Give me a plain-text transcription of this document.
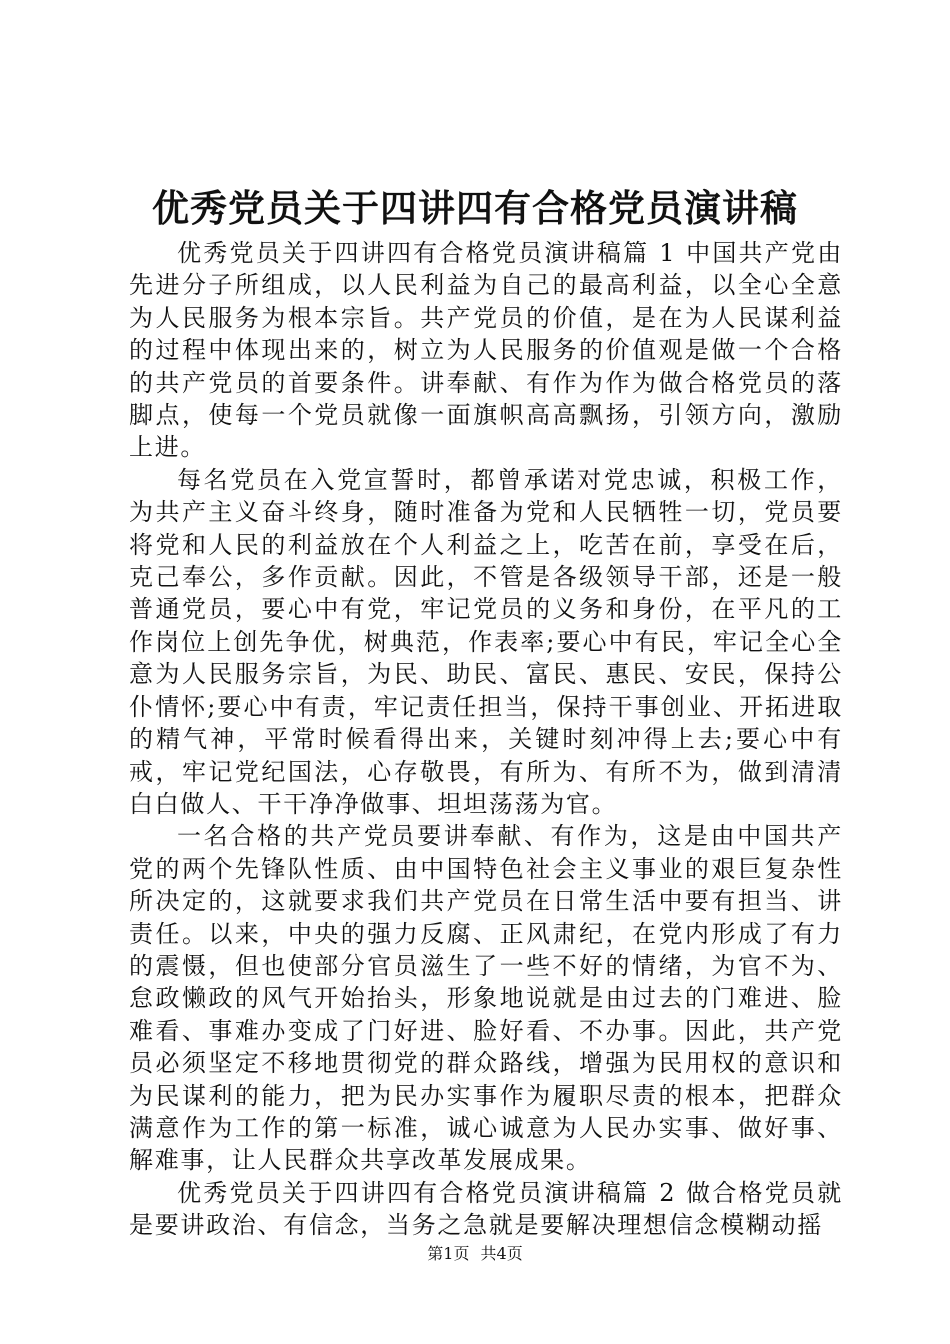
优秀党员关于四讲四有合格党员演讲稿

优秀党员关于四讲四有合格党员演讲稿篇 1 中国共产党由先进分子所组成，以人民利益为自己的最高利益，以全心全意为人民服务为根本宗旨。共产党员的价值，是在为人民谋利益的过程中体现出来的，树立为人民服务的价值观是做一个合格的共产党员的首要条件。讲奉献、有作为作为做合格党员的落脚点，使每一个党员就像一面旗帜高高飘扬，引领方向，激励上进。

每名党员在入党宣誓时，都曾承诺对党忠诚，积极工作，为共产主义奋斗终身，随时准备为党和人民牺牲一切，党员要将党和人民的利益放在个人利益之上，吃苦在前，享受在后，克己奉公，多作贡献。因此，不管是各级领导干部，还是一般普通党员，要心中有党，牢记党员的义务和身份，在平凡的工作岗位上创先争优，树典范，作表率;要心中有民，牢记全心全意为人民服务宗旨，为民、助民、富民、惠民、安民，保持公仆情怀;要心中有责，牢记责任担当，保持干事创业、开拓进取的精气神，平常时候看得出来，关键时刻冲得上去;要心中有戒，牢记党纪国法，心存敬畏，有所为、有所不为，做到清清白白做人、干干净净做事、坦坦荡荡为官。

一名合格的共产党员要讲奉献、有作为，这是由中国共产党的两个先锋队性质、由中国特色社会主义事业的艰巨复杂性所决定的，这就要求我们共产党员在日常生活中要有担当、讲责任。以来，中央的强力反腐、正风肃纪，在党内形成了有力的震慑，但也使部分官员滋生了一些不好的情绪，为官不为、怠政懒政的风气开始抬头，形象地说就是由过去的门难进、脸难看、事难办变成了门好进、脸好看、不办事。因此，共产党员必须坚定不移地贯彻党的群众路线，增强为民用权的意识和为民谋利的能力，把为民办实事作为履职尽责的根本，把群众满意作为工作的第一标准，诚心诚意为人民办实事、做好事、解难事，让人民群众共享改革发展成果。

优秀党员关于四讲四有合格党员演讲稿篇 2 做合格党员就是要讲政治、有信念，当务之急就是要解决理想信念模糊动摇

第1页 共4页
